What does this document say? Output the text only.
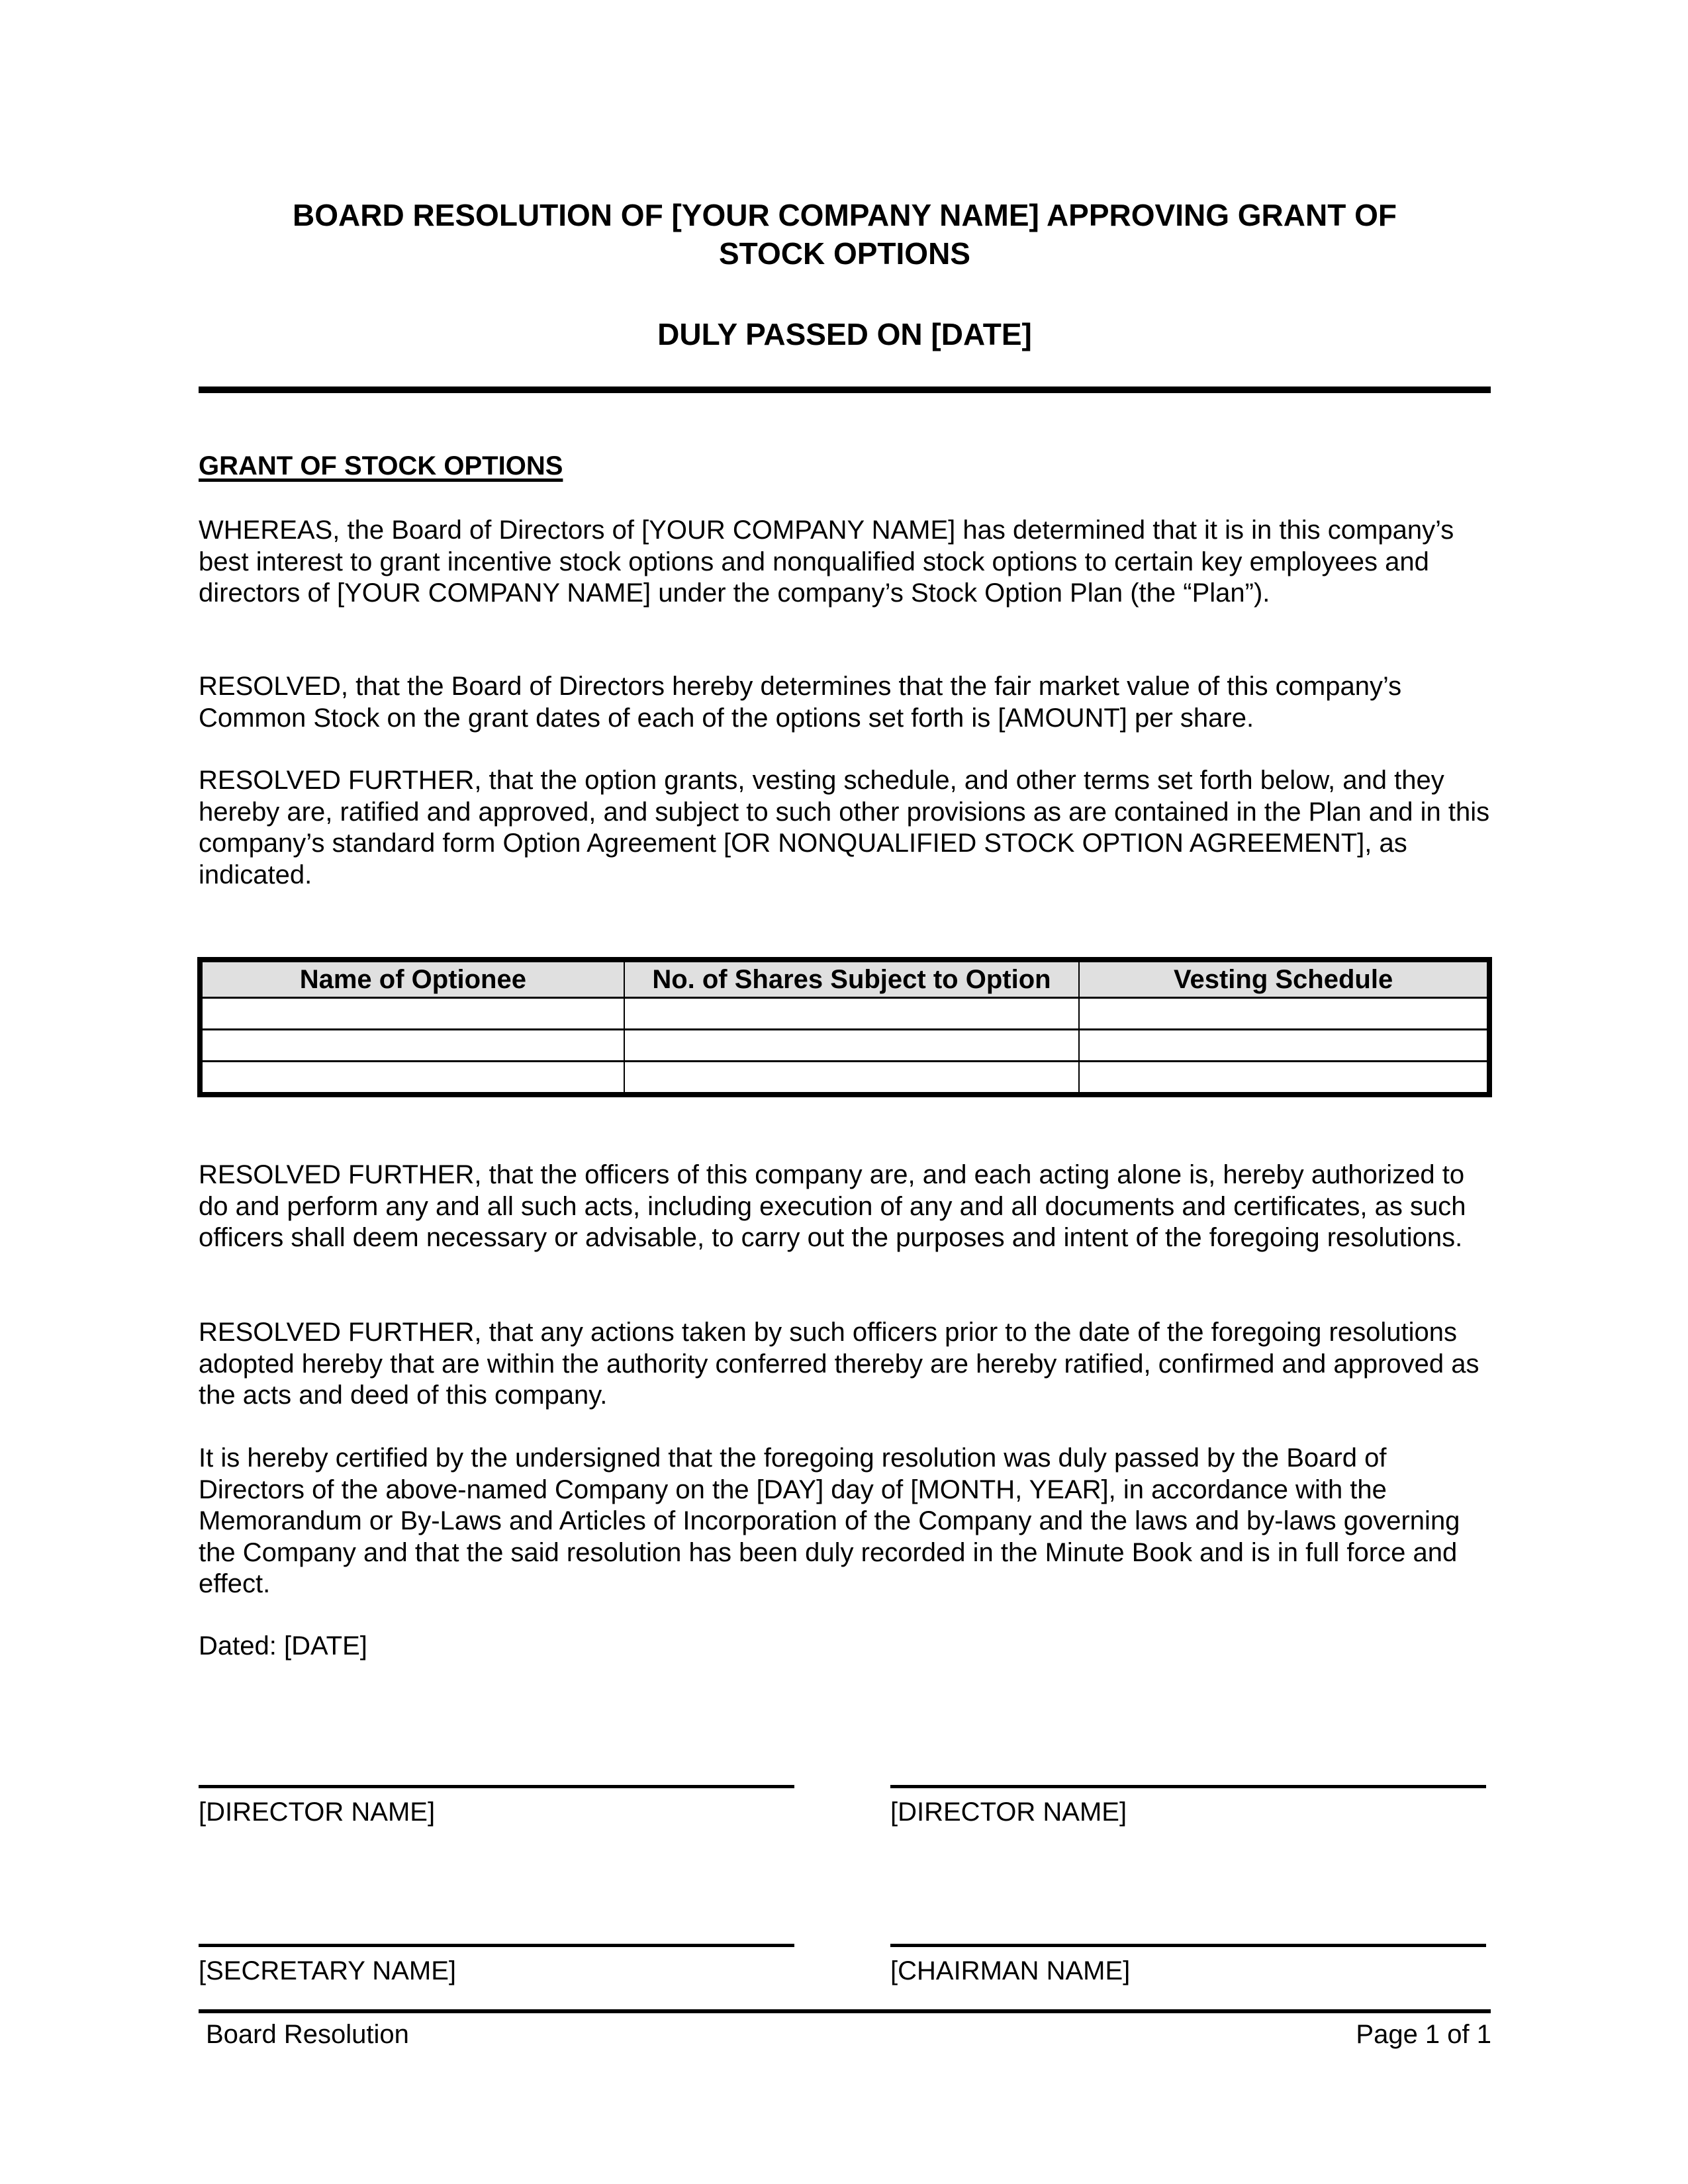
BOARD RESOLUTION OF [YOUR COMPANY NAME] APPROVING GRANT OF
STOCK OPTIONS
DULY PASSED ON [DATE]
GRANT OF STOCK OPTIONS

WHEREAS, the Board of Directors of [YOUR COMPANY NAME] has determined that it is in this company’s best interest to grant incentive stock options and nonqualified stock options to certain key employees and directors of [YOUR COMPANY NAME] under the company’s Stock Option Plan (the “Plan”).

RESOLVED, that the Board of Directors hereby determines that the fair market value of this company’s Common Stock on the grant dates of each of the options set forth is [AMOUNT] per share.

RESOLVED FURTHER, that the option grants, vesting schedule, and other terms set forth below, and they hereby are, ratified and approved, and subject to such other provisions as are contained in the Plan and in this company’s standard form Option Agreement [OR NONQUALIFIED STOCK OPTION AGREEMENT], as indicated.

Name of Optionee	No. of Shares Subject to Option	Vesting Schedule

RESOLVED FURTHER, that the officers of this company are, and each acting alone is, hereby authorized to do and perform any and all such acts, including execution of any and all documents and certificates, as such officers shall deem necessary or advisable, to carry out the purposes and intent of the foregoing resolutions.

RESOLVED FURTHER, that any actions taken by such officers prior to the date of the foregoing resolutions adopted hereby that are within the authority conferred thereby are hereby ratified, confirmed and approved as the acts and deed of this company.

It is hereby certified by the undersigned that the foregoing resolution was duly passed by the Board of Directors of the above-named Company on the [DAY] day of [MONTH, YEAR], in accordance with the Memorandum or By-Laws and Articles of Incorporation of the Company and the laws and by-laws governing the Company and that the said resolution has been duly recorded in the Minute Book and is in full force and effect.

Dated: [DATE]

[DIRECTOR NAME]	[DIRECTOR NAME]
[SECRETARY NAME]	[CHAIRMAN NAME]
Board Resolution	Page 1 of 1
